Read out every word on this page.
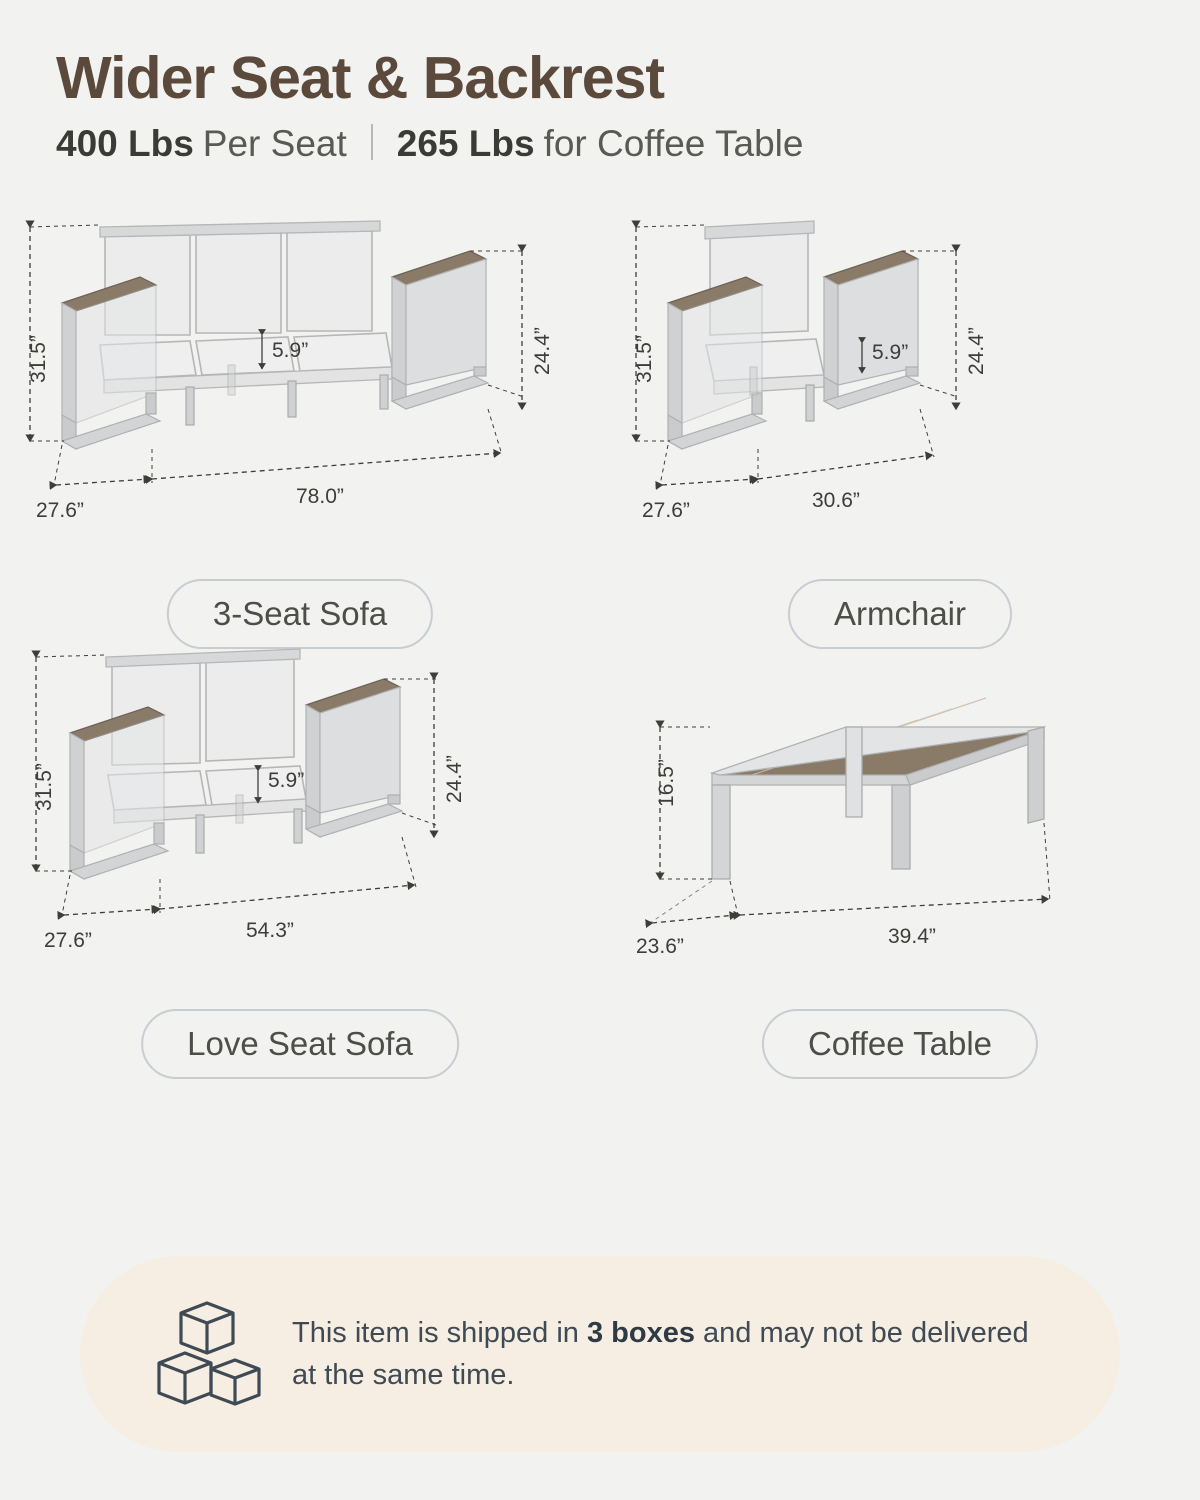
Wider Seat & Backrest
400 Lbs Per Seat 265 Lbs for Coffee Table
31.5”	24.4”
5.9”
78.0”
27.6”
3-Seat Sofa
31.5”	24.4”
5.9”
30.6”
27.6”
Armchair
31.5”	24.4”
5.9”
54.3”
27.6”
Love Seat Sofa
16.5”
39.4”
23.6”
Coffee Table
This item is shipped in 3 boxes and may not be delivered at the same time.
